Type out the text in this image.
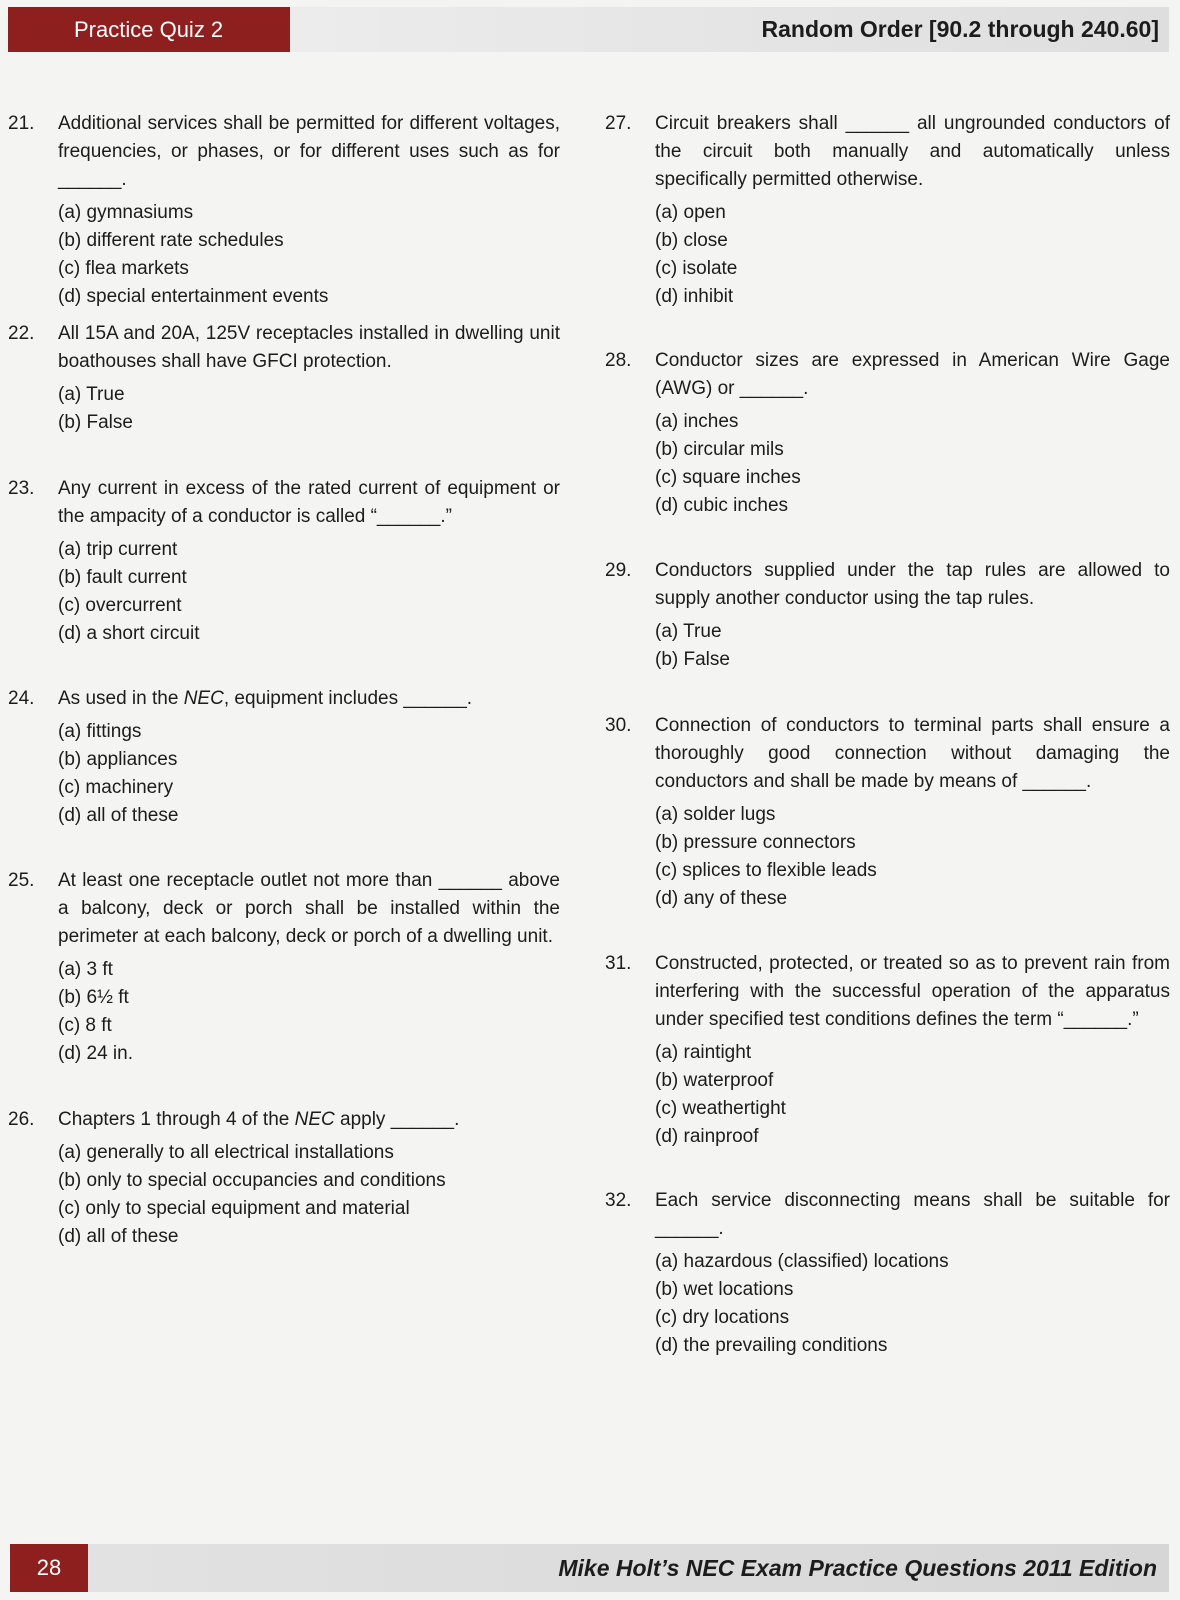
Practice Quiz 2	Random Order [90.2 through 240.60]
21. Additional services shall be permitted for different voltages, frequencies, or phases, or for different uses such as for ______.
(a) gymnasiums
(b) different rate schedules
(c) flea markets
(d) special entertainment events
22. All 15A and 20A, 125V receptacles installed in dwelling unit boathouses shall have GFCI protection.
(a) True
(b) False
23. Any current in excess of the rated current of equipment or the ampacity of a conductor is called “______.”
(a) trip current
(b) fault current
(c) overcurrent
(d) a short circuit
24. As used in the NEC, equipment includes ______.
(a) fittings
(b) appliances
(c) machinery
(d) all of these
25. At least one receptacle outlet not more than ______ above a balcony, deck or porch shall be installed within the perimeter at each balcony, deck or porch of a dwelling unit.
(a) 3 ft
(b) 6½ ft
(c) 8 ft
(d) 24 in.
26. Chapters 1 through 4 of the NEC apply ______.
(a) generally to all electrical installations
(b) only to special occupancies and conditions
(c) only to special equipment and material
(d) all of these
27. Circuit breakers shall ______ all ungrounded conductors of the circuit both manually and automatically unless specifically permitted otherwise.
(a) open
(b) close
(c) isolate
(d) inhibit
28. Conductor sizes are expressed in American Wire Gage (AWG) or ______.
(a) inches
(b) circular mils
(c) square inches
(d) cubic inches
29. Conductors supplied under the tap rules are allowed to supply another conductor using the tap rules.
(a) True
(b) False
30. Connection of conductors to terminal parts shall ensure a thoroughly good connection without damaging the conductors and shall be made by means of ______.
(a) solder lugs
(b) pressure connectors
(c) splices to flexible leads
(d) any of these
31. Constructed, protected, or treated so as to prevent rain from interfering with the successful operation of the apparatus under specified test conditions defines the term “______.”
(a) raintight
(b) waterproof
(c) weathertight
(d) rainproof
32. Each service disconnecting means shall be suitable for ______.
(a) hazardous (classified) locations
(b) wet locations
(c) dry locations
(d) the prevailing conditions
28	Mike Holt’s NEC Exam Practice Questions 2011 Edition
